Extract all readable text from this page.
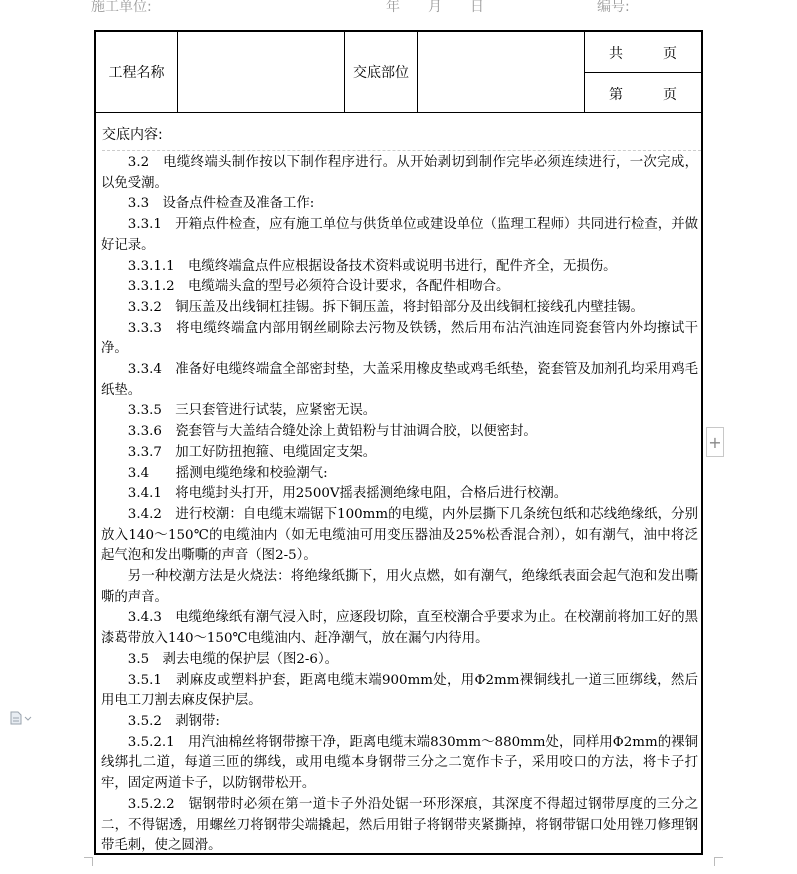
施工单位:	年 月 日	编号:
工程名称	交底部位
共	页
第	页
交底内容:

3.2　电缆终端头制作按以下制作程序进行。从开始剥切到制作完毕必须连续进行，一次完成，以免受潮。

3.3　设备点件检查及准备工作:

3.3.1　开箱点件检查，应有施工单位与供货单位或建设单位（监理工程师）共同进行检查，并做好记录。

3.3.1.1　电缆终端盒点件应根据设备技术资料或说明书进行，配件齐全，无损伤。

3.3.1.2　电缆端头盒的型号必须符合设计要求，各配件相吻合。

3.3.2　铜压盖及出线铜杠挂锡。拆下铜压盖，将封铅部分及出线铜杠接线孔内壁挂锡。

3.3.3　将电缆终端盒内部用钢丝刷除去污物及铁锈，然后用布沾汽油连同瓷套管内外均擦试干净。

3.3.4　准备好电缆终端盒全部密封垫，大盖采用橡皮垫或鸡毛纸垫，瓷套管及加剂孔均采用鸡毛纸垫。

3.3.5　三只套管进行试装，应紧密无误。

3.3.6　瓷套管与大盖结合缝处涂上黄铅粉与甘油调合胶，以便密封。

3.3.7　加工好防扭抱箍、电缆固定支架。

3.4　　摇测电缆绝缘和校验潮气:

3.4.1　将电缆封头打开，用2500V摇表摇测绝缘电阻，合格后进行校潮。

3.4.2　进行校潮：自电缆末端锯下100mm的电缆，内外层撕下几条统包纸和芯线绝缘纸，分别放入140～150℃的电缆油内（如无电缆油可用变压器油及25%松香混合剂），如有潮气，油中将泛起气泡和发出嘶嘶的声音（图2-5）。

另一种校潮方法是火烧法：将绝缘纸撕下，用火点燃，如有潮气，绝缘纸表面会起气泡和发出嘶嘶的声音。

3.4.3　电缆绝缘纸有潮气浸入时，应逐段切除，直至校潮合乎要求为止。在校潮前将加工好的黑漆葛带放入140～150℃电缆油内、赶净潮气，放在漏勺内待用。

3.5　剥去电缆的保护层（图2-6）。

3.5.1　剥麻皮或塑料护套，距离电缆末端900mm处，用Φ2mm裸铜线扎一道三匝绑线，然后用电工刀割去麻皮保护层。

3.5.2　剥钢带:

3.5.2.1　用汽油棉丝将钢带擦干净，距离电缆末端830mm～880mm处，同样用Φ2mm的裸铜线绑扎二道，每道三匝的绑线，或用电缆本身钢带三分之二宽作卡子，采用咬口的方法，将卡子打牢，固定两道卡子，以防钢带松开。

3.5.2.2　锯钢带时必须在第一道卡子外沿处锯一环形深痕，其深度不得超过钢带厚度的三分之二，不得锯透，用螺丝刀将钢带尖端撬起，然后用钳子将钢带夹紧撕掉，将钢带锯口处用锉刀修理钢带毛刺，使之圆滑。

+
